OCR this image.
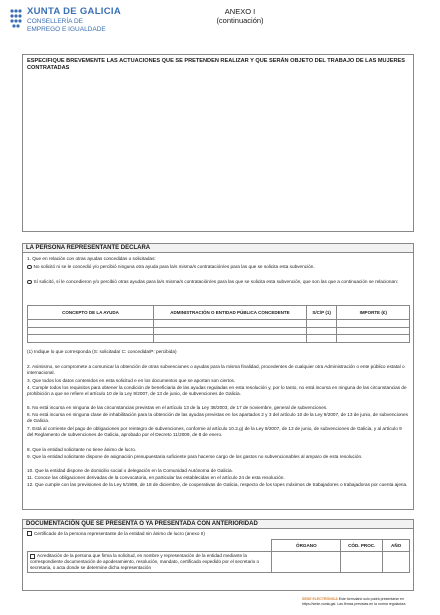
XUNTA DE GALICIA
CONSELLERÍA DE
EMPREGO E IGUALDADE
ANEXO I
(continuación)
ESPECIFIQUE BREVEMENTE LAS ACTUACIONES QUE SE PRETENDEN REALIZAR Y QUE SERÁN OBJETO DEL TRABAJO DE LAS MUJERES CONTRATADAS
LA PERSONA REPRESENTANTE DECLARA
1. Que en relación con otras ayudas concedidas o solicitadas:
No solicitó ni se le concedió y/o percibió ninguna otra ayuda para la/s misma/s contratación/es para las que se solicita esta subvención.
Sí solicitó, sí le concedieron y/o percibió otras ayudas para la/s misma/s contratación/es para las que se solicita esta subvención, que son las que a continuación se relacionan:
CONCEPTO DE LA AYUDA	ADMINISTRACIÓN O ENTIDAD PÚBLICA CONCEDENTE	S/C/P (1)	IMPORTE (€)

(1) Indique lo que corresponda (S: solicitada/ C: concedida/P: percibida)
2. Asimismo, se compromete a comunicar la obtención de otras subvenciones o ayudas para la misma finalidad, procedentes de cualquier otra Administración o ente público estatal o internacional.
3. Que todos los datos contenidos en esta solicitud e en los documentos que se aportan son ciertos.
4. Cumple todos los requisitos para obtener la condición de beneficiaria de las ayudas reguladas en esta resolución y, por lo tanto, no está incursa en ninguna de las circunstancias de prohibición a que se refiere el artículo 10 de la Ley 9/2007, de 13 de junio, de subvenciones de Galicia.
5. No está incursa en ninguna de las circunstancias previstas en el artículo 13 de la Ley 38/2003, de 17 de noviembre, general de subvenciones.
6. No está incursa en ninguna clase de inhabilitación para la obtención de las ayudas previstas en los apartados 2 y 3 del artículo 10 de la Ley 9/2007, de 13 de junio, de subvenciones de Galicia.
7. Está al corriente del pago de obligaciones por reintegro de subvenciones, conforme al artículo 10.2.g) de la Ley 9/2007, de 13 de junio, de subvenciones de Galicia, y al artículo 9 del Reglamento de subvenciones de Galicia, aprobado por el Decreto 11/2009, de 8 de enero.
8. Que la entidad solicitante no tiene ánimo de lucro.
9. Que la entidad solicitante dispone de asignación presupuestaria suficiente para hacerse cargo de los gastos no subvencionables al amparo de esta resolución.
10. Que la entidad dispone de domicilio social o delegación en la Comunidad Autónoma de Galicia.
11. Conoce las obligaciones derivadas de la convocatoria, en particular las establecidas en el artículo 24 de esta resolución.
12. Que cumple con las previsiones de la Ley 5/1998, de 18 de diciembre, de cooperativas de Galicia, respecto de los topes máximos de trabajadores o trabajadoras por cuenta ajena.
DOCUMENTACIÓN QUE SE PRESENTA O YA PRESENTADA CON ANTERIORIDAD
Certificado de la persona representante de la entidad sin ánimo de lucro (anexo II)
	ÓRGANO	CÓD. PROC.	AÑO

Acreditación de la persona que firma la solicitud, en nombre y representación de la entidad mediante la correspondiente documentación de apoderamiento, resolución, mandato, certificado expedido por el secretario o secretaria, o acta donde se determine dicha representación			
SEDE ELECTRÓNICA Este formulario solo podrá presentarse en https://sede.xunta.gal. Las firmas previstas en la norma reguladora
